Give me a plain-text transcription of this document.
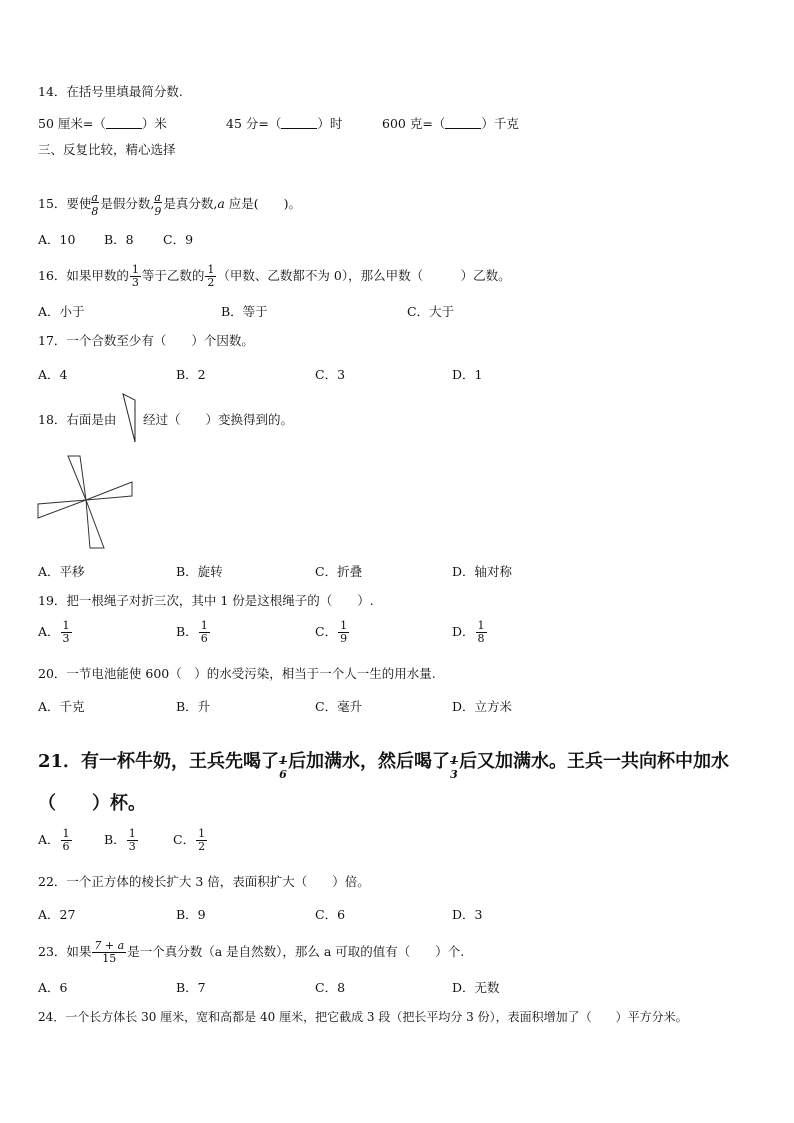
14．在括号里填最简分数.
50 厘米=（	）米	45 分=（	）时	600 克=（	）千克
三、反复比较，精心选择
15．要使
$\frac{a}{8}$
是假分数,
$\frac{a}{9}$
是真分数,a 应是(　　)。
A．10 B．8 C．9
16．如果甲数的 $\frac{1}{3}$ 等于乙数的 $\frac{1}{2}$ （甲数、乙数都不为 0），那么甲数（　　　）乙数。
A．小于	B．等于	C．大于
17．一个合数至少有（　　）个因数。
A．4	B．2	C．3	D．1
18．右面是由 经过（　　）变换得到的。
A．平移	B．旋转	C．折叠	D．轴对称
19．把一根绳子对折三次，其中 1 份是这根绳子的（　　）.
A． $\frac{1}{3}$	B． $\frac{1}{6}$	C． $\frac{1}{9}$	D． $\frac{1}{8}$
20．一节电池能使 600（　）的水受污染，相当于一个人一生的用水量.
A．千克	B．升	C．毫升	D．立方米
21．有一杯牛奶，王兵先喝了 1
6
后加满水，然后喝了 1
3
后又加满水。王兵一共向杯中加水
（　　）杯。
A． $\frac{1}{6}$	B． $\frac{1}{3}$	C． $\frac{1}{2}$
22．一个正方体的棱长扩大 3 倍，表面积扩大（　　）倍。
A．27	B．9	C．6	D．3
23．如果 $\frac{7 + a}{15}$ 是一个真分数（a 是自然数），那么 a 可取的值有（　　）个.
A．6	B．7	C．8	D．无数
24．一个长方体长 30 厘米，宽和高都是 40 厘米，把它截成 3 段（把长平均分 3 份），表面积增加了（　　）平方分米。
